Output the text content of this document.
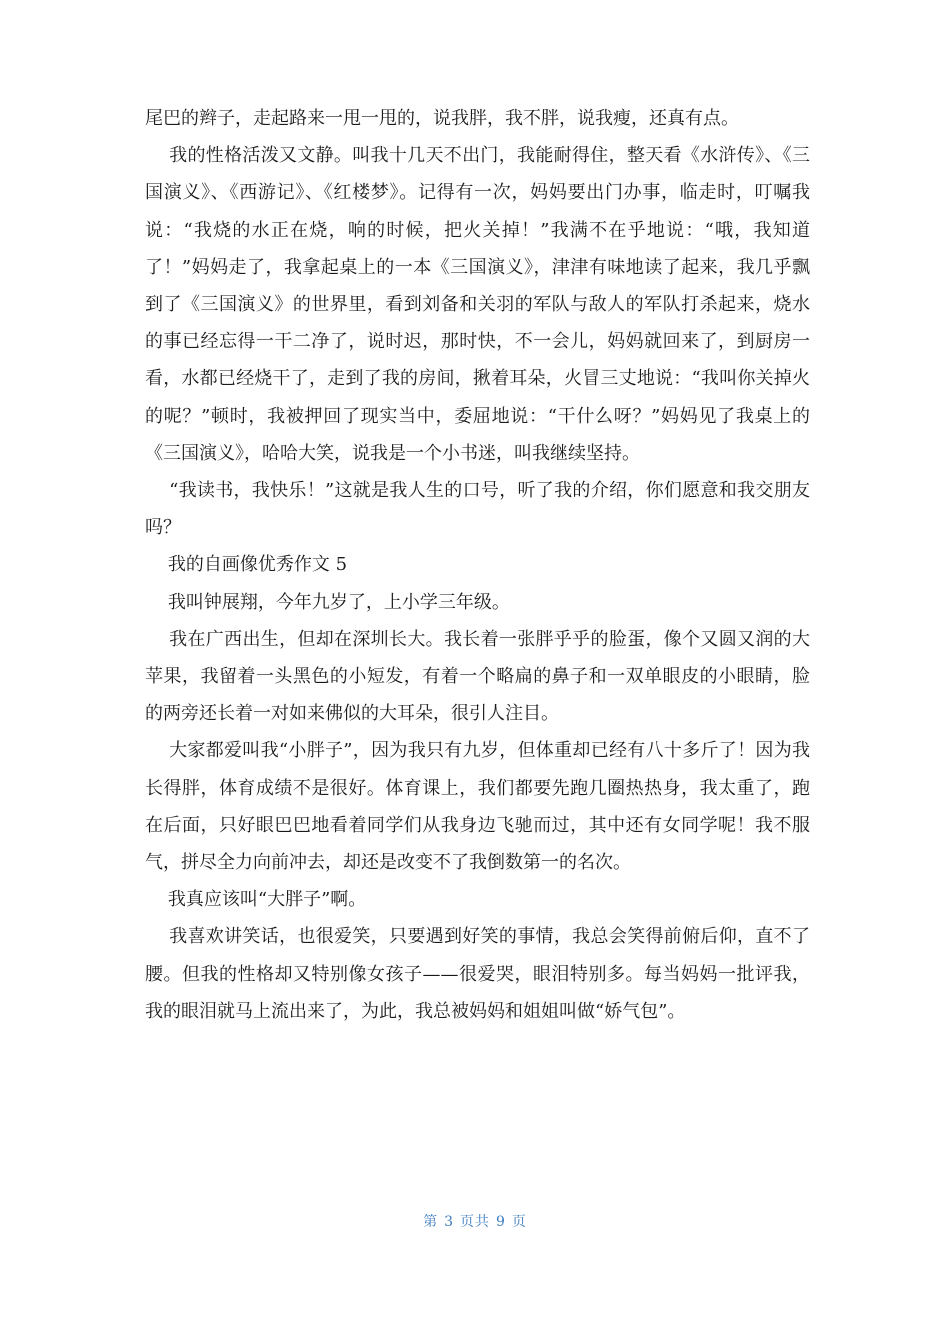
尾巴的辫子，走起路来一甩一甩的，说我胖，我不胖，说我瘦，还真有点。

我的性格活泼又文静。叫我十几天不出门，我能耐得住，整天看《水浒传》、《三国演义》、《西游记》、《红楼梦》。记得有一次，妈妈要出门办事，临走时，叮嘱我说：“我烧的水正在烧，响的时候，把火关掉！”我满不在乎地说：“哦，我知道了！”妈妈走了，我拿起桌上的一本《三国演义》，津津有味地读了起来，我几乎飘到了《三国演义》的世界里，看到刘备和关羽的军队与敌人的军队打杀起来，烧水的事已经忘得一干二净了，说时迟，那时快，不一会儿，妈妈就回来了，到厨房一看，水都已经烧干了，走到了我的房间，揪着耳朵，火冒三丈地说：“我叫你关掉火的呢？”顿时，我被押回了现实当中，委屈地说：“干什么呀？”妈妈见了我桌上的《三国演义》，哈哈大笑，说我是一个小书迷，叫我继续坚持。

“我读书，我快乐！”这就是我人生的口号，听了我的介绍，你们愿意和我交朋友吗？

我的自画像优秀作文 5

我叫钟展翔，今年九岁了，上小学三年级。

我在广西出生，但却在深圳长大。我长着一张胖乎乎的脸蛋，像个又圆又润的大苹果，我留着一头黑色的小短发，有着一个略扁的鼻子和一双单眼皮的小眼睛，脸的两旁还长着一对如来佛似的大耳朵，很引人注目。

大家都爱叫我“小胖子”，因为我只有九岁，但体重却已经有八十多斤了！因为我长得胖，体育成绩不是很好。体育课上，我们都要先跑几圈热热身，我太重了，跑在后面，只好眼巴巴地看着同学们从我身边飞驰而过，其中还有女同学呢！我不服气，拼尽全力向前冲去，却还是改变不了我倒数第一的名次。

我真应该叫“大胖子”啊。

我喜欢讲笑话，也很爱笑，只要遇到好笑的事情，我总会笑得前俯后仰，直不了腰。但我的性格却又特别像女孩子——很爱哭，眼泪特别多。每当妈妈一批评我，我的眼泪就马上流出来了，为此，我总被妈妈和姐姐叫做“娇气包”。

第 3 页共 9 页
